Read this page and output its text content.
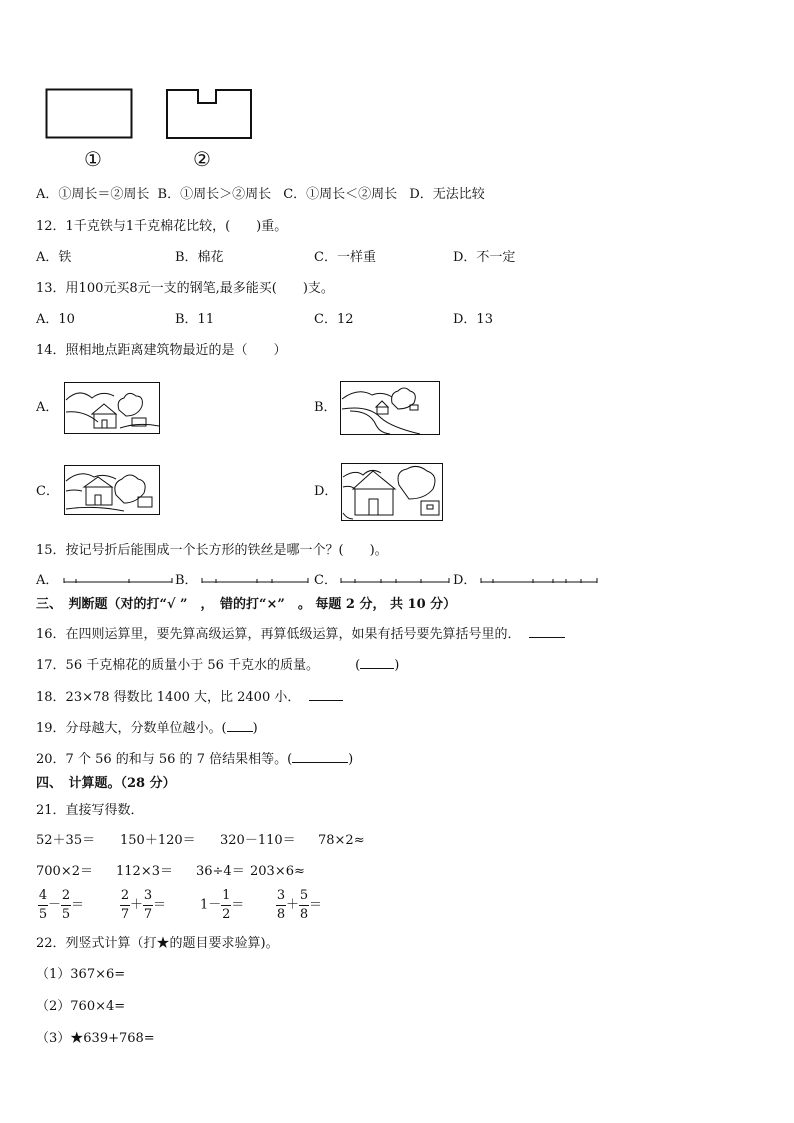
①	②
A．①周长＝②周长 B．①周长＞②周长 C．①周长＜②周长 D．无法比较
12．1千克铁与1千克棉花比较，(　　)重。
A．铁	B．棉花	C．一样重	D．不一定
13．用100元买8元一支的钢笔,最多能买(　　)支。
A．10	B．11	C．12	D．13
14．照相地点距离建筑物最近的是（　　）
A．	B．
C．	D．
15．按记号折后能围成一个长方形的铁丝是哪一个？(　　)。
A．	B．	C．	D．
三、　判断题（对的打“√ ”　，　错的打“×”　。 每题 2 分， 共 10 分）
16．在四则运算里，要先算高级运算，再算低级运算，如果有括号要先算括号里的．
17．56 千克棉花的质量小于 56 千克水的质量。	(	)
18．23×78 得数比 1400 大，比 2400 小．
19．分母越大，分数单位越小。( )
20．7 个 56 的和与 56 的 7 倍结果相等。(	)
四、　计算题。（28 分）
21．直接写得数．
52＋35＝ 150＋120＝ 320－110＝ 78×2≈
700×2＝ 112×3＝ 36÷4＝ 203×6≈
$\frac{4}{5} - \frac{2}{5}$ ＝	$\frac{2}{7} + \frac{3}{7}$ ＝	$1- \frac{1}{2} = \frac{3}{8} + \frac{5}{8}$ ＝
22．列竖式计算（打★的题目要求验算)。
（1）367×6=
（2）760×4=
（3）★639+768=
